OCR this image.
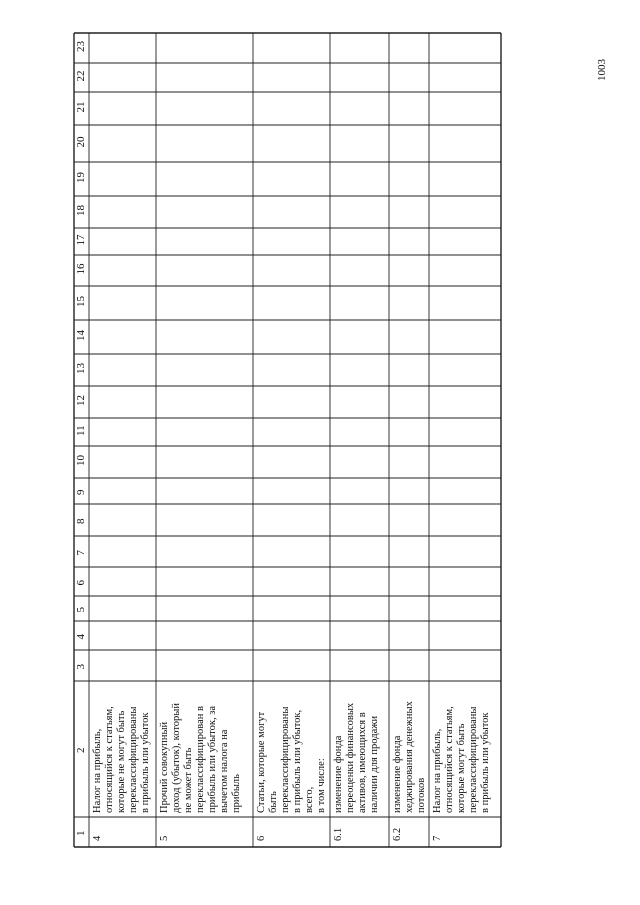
1003
1
2
3
4
5
6
7
8
9
10
11
12
13
14
15
16
17
18
19
20
21
22
23
4
Налог на прибыль, относящийся к статьям, которые не могут быть переклассифицированы в прибыль или убыток
5
Прочий совокупный доход (убыток), который не может быть переклассифицирован в прибыль или убыток, за вычетом налога на прибыль
6
Статьи, которые могут быть переклассифицированы в прибыль или убыток, всего, в том числе:
6.1
изменение фонда переоценки финансовых активов, имеющихся в наличии для продажи
6.2
изменение фонда хеджирования денежных потоков
7
Налог на прибыль, относящийся к статьям, которые могут быть переклассифицированы в прибыль или убыток
